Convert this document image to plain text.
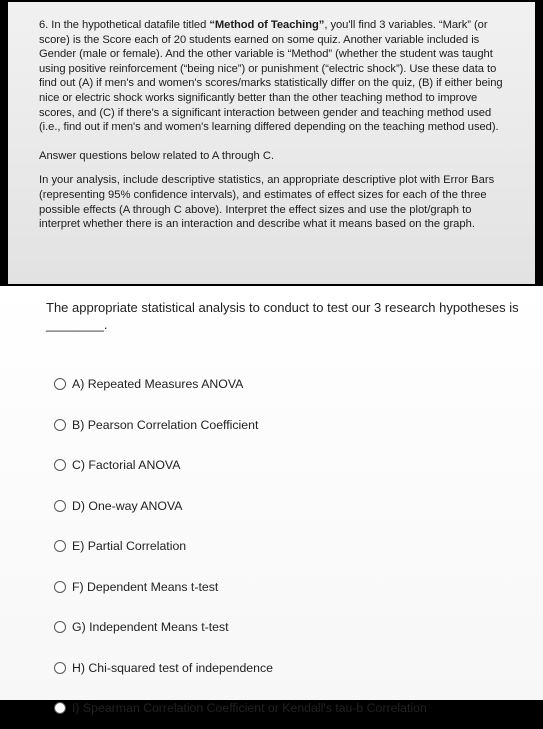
6. In the hypothetical datafile titled “Method of Teaching”, you'll find 3 variables. “Mark” (or score) is the Score each of 20 students earned on some quiz. Another variable included is Gender (male or female). And the other variable is “Method” (whether the student was taught using positive reinforcement (“being nice”) or punishment (“electric shock”). Use these data to find out (A) if men's and women's scores/marks statistically differ on the quiz, (B) if either being nice or electric shock works significantly better than the other teaching method to improve scores, and (C) if there's a significant interaction between gender and teaching method used (i.e., find out if men's and women's learning differed depending on the teaching method used).

Answer questions below related to A through C.

In your analysis, include descriptive statistics, an appropriate descriptive plot with Error Bars (representing 95% confidence intervals), and estimates of effect sizes for each of the three possible effects (A through C above). Interpret the effect sizes and use the plot/graph to interpret whether there is an interaction and describe what it means based on the graph.

The appropriate statistical analysis to conduct to test our 3 research hypotheses is ________.

A) Repeated Measures ANOVA
B) Pearson Correlation Coefficient
C) Factorial ANOVA
D) One-way ANOVA
E) Partial Correlation
F) Dependent Means t-test
G) Independent Means t-test
H) Chi-squared test of independence
I) Spearman Correlation Coefficient or Kendall's tau-b Correlation
